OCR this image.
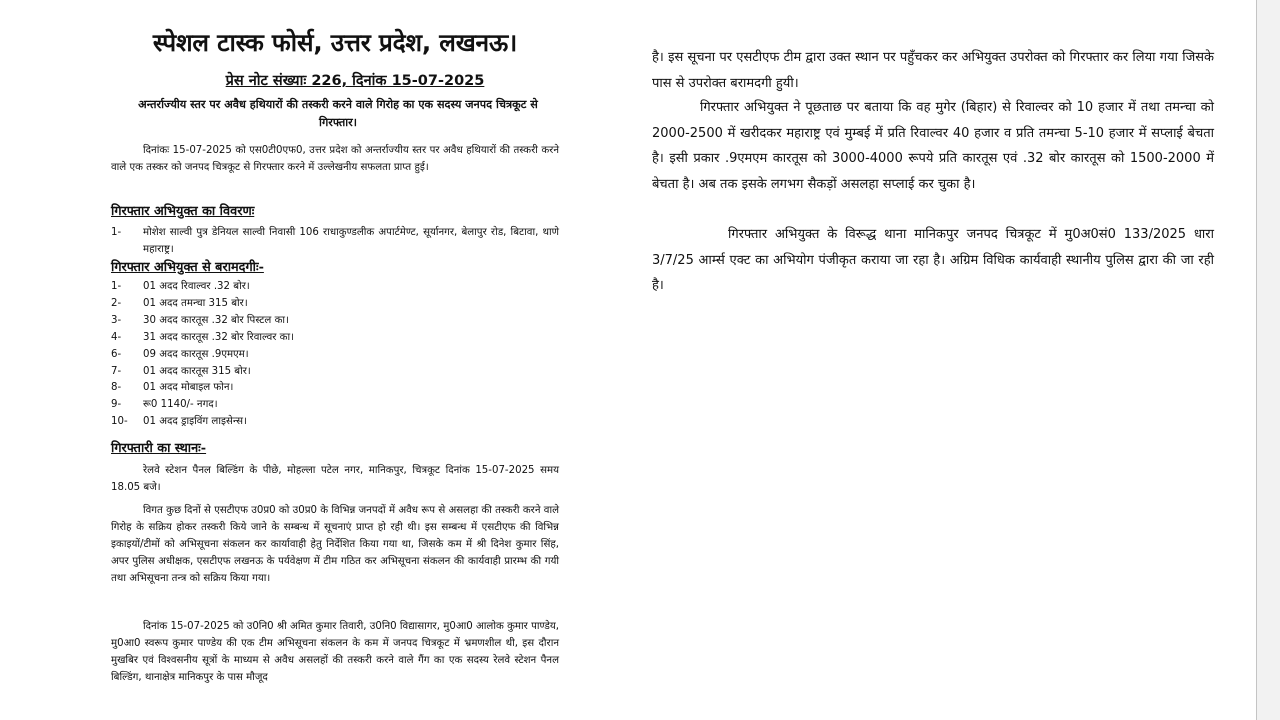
स्पेशल टास्क फोर्स, उत्तर प्रदेश, लखनऊ।
प्रेस नोट संख्याः 226, दिनांक 15-07-2025
अन्तर्राज्यीय स्तर पर अवैध हथियारों की तस्करी करने वाले गिरोह का एक सदस्य जनपद चित्रकूट से गिरफ्तार।
दिनांकः 15-07-2025 को एस0टी0एफ0, उत्तर प्रदेश को अन्तर्राज्यीय स्तर पर अवैध हथियारों की तस्करी करने वाले एक तस्कर को जनपद चित्रकूट से गिरफ्तार करने में उल्लेखनीय सफलता प्राप्त हुई।
गिरफ्तार अभियुक्त का विवरणः
1-	मोशेश साल्वी पुत्र डेनियल साल्वी निवासी 106 राधाकुण्डलीक अपार्टमेण्ट, सूर्यानगर, बेलापुर रोड, बिटावा, थाणे महाराष्ट्र।
गिरफ्तार अभियुक्त से बरामदगीः-
1-	01 अदद रिवाल्वर .32 बोर।
2-	01 अदद तमन्चा 315 बोर।
3-	30 अदद कारतूस .32 बोर पिस्टल का।
4-	31 अदद कारतूस .32 बोर रिवाल्वर का।
6-	09 अदद कारतूस .9एमएम।
7-	01 अदद कारतूस 315 बोर।
8-	01 अदद मोबाइल फोन।
9-	रू0 1140/- नगद।
10-	01 अदद ड्राइविंग लाइसेन्स।
गिरफ्तारी का स्थानः-
रेलवे स्टेशन पैनल बिल्डिंग के पीछे, मोहल्ला पटेल नगर, मानिकपुर, चित्रकूट दिनांक 15-07-2025 समय 18.05 बजे।
विगत कुछ दिनों से एसटीएफ उ0प्र0 को उ0प्र0 के विभिन्न जनपदों में अवैध रूप से असलहा की तस्करी करने वाले गिरोह के सक्रिय होकर तस्करी किये जाने के सम्बन्ध में सूचनाएं प्राप्त हो रही थी। इस सम्बन्ध में एसटीएफ की विभिन्न इकाइयों/टीमों को अभिसूचना संकलन कर कार्यावाही हेतु निर्देशित किया गया था, जिसके कम में श्री दिनेश कुमार सिंह, अपर पुलिस अधीक्षक, एसटीएफ लखनऊ के पर्यवेक्षण में टीम गठित कर अभिसूचना संकलन की कार्यवाही प्रारम्भ की गयी तथा अभिसूचना तन्त्र को सक्रिय किया गया।
दिनांक 15-07-2025 को उ0नि0 श्री अमित कुमार तिवारी, उ0नि0 विद्यासागर, मु0आ0 आलोक कुमार पाण्डेय, मु0आ0 स्वरूप कुमार पाण्डेय की एक टीम अभिसूचना संकलन के कम में जनपद चित्रकूट में भ्रमणशील थी, इस दौरान मुखबिर एवं विश्वसनीय सूत्रों के माध्यम से अवैध असलहों की तस्करी करने वाले गैंग का एक सदस्य रेलवे स्टेशन पैनल बिल्डिंग, थानाक्षेत्र मानिकपुर के पास मौजूद
है। इस सूचना पर एसटीएफ टीम द्वारा उक्त स्थान पर पहुँचकर कर अभियुक्त उपरोक्त को गिरफ्तार कर लिया गया जिसके पास से उपरोक्त बरामदगी हुयी।
गिरफ्तार अभियुक्त ने पूछताछ पर बताया कि वह मुगेर (बिहार) से रिवाल्वर को 10 हजार में तथा तमन्चा को 2000-2500 में खरीदकर महाराष्ट्र एवं मुम्बई में प्रति रिवाल्वर 40 हजार व प्रति तमन्चा 5-10 हजार में सप्लाई बेचता है। इसी प्रकार .9एमएम कारतूस को 3000-4000 रूपये प्रति कारतूस एवं .32 बोर कारतूस को 1500-2000 में बेचता है। अब तक इसके लगभग सैकड़ों असलहा सप्लाई कर चुका है।
गिरफ्तार अभियुक्त के विरूद्ध थाना मानिकपुर जनपद चित्रकूट में मु0अ0सं0 133/2025 धारा 3/7/25 आर्म्स एक्ट का अभियोग पंजीकृत कराया जा रहा है। अग्रिम विधिक कार्यवाही स्थानीय पुलिस द्वारा की जा रही है।
